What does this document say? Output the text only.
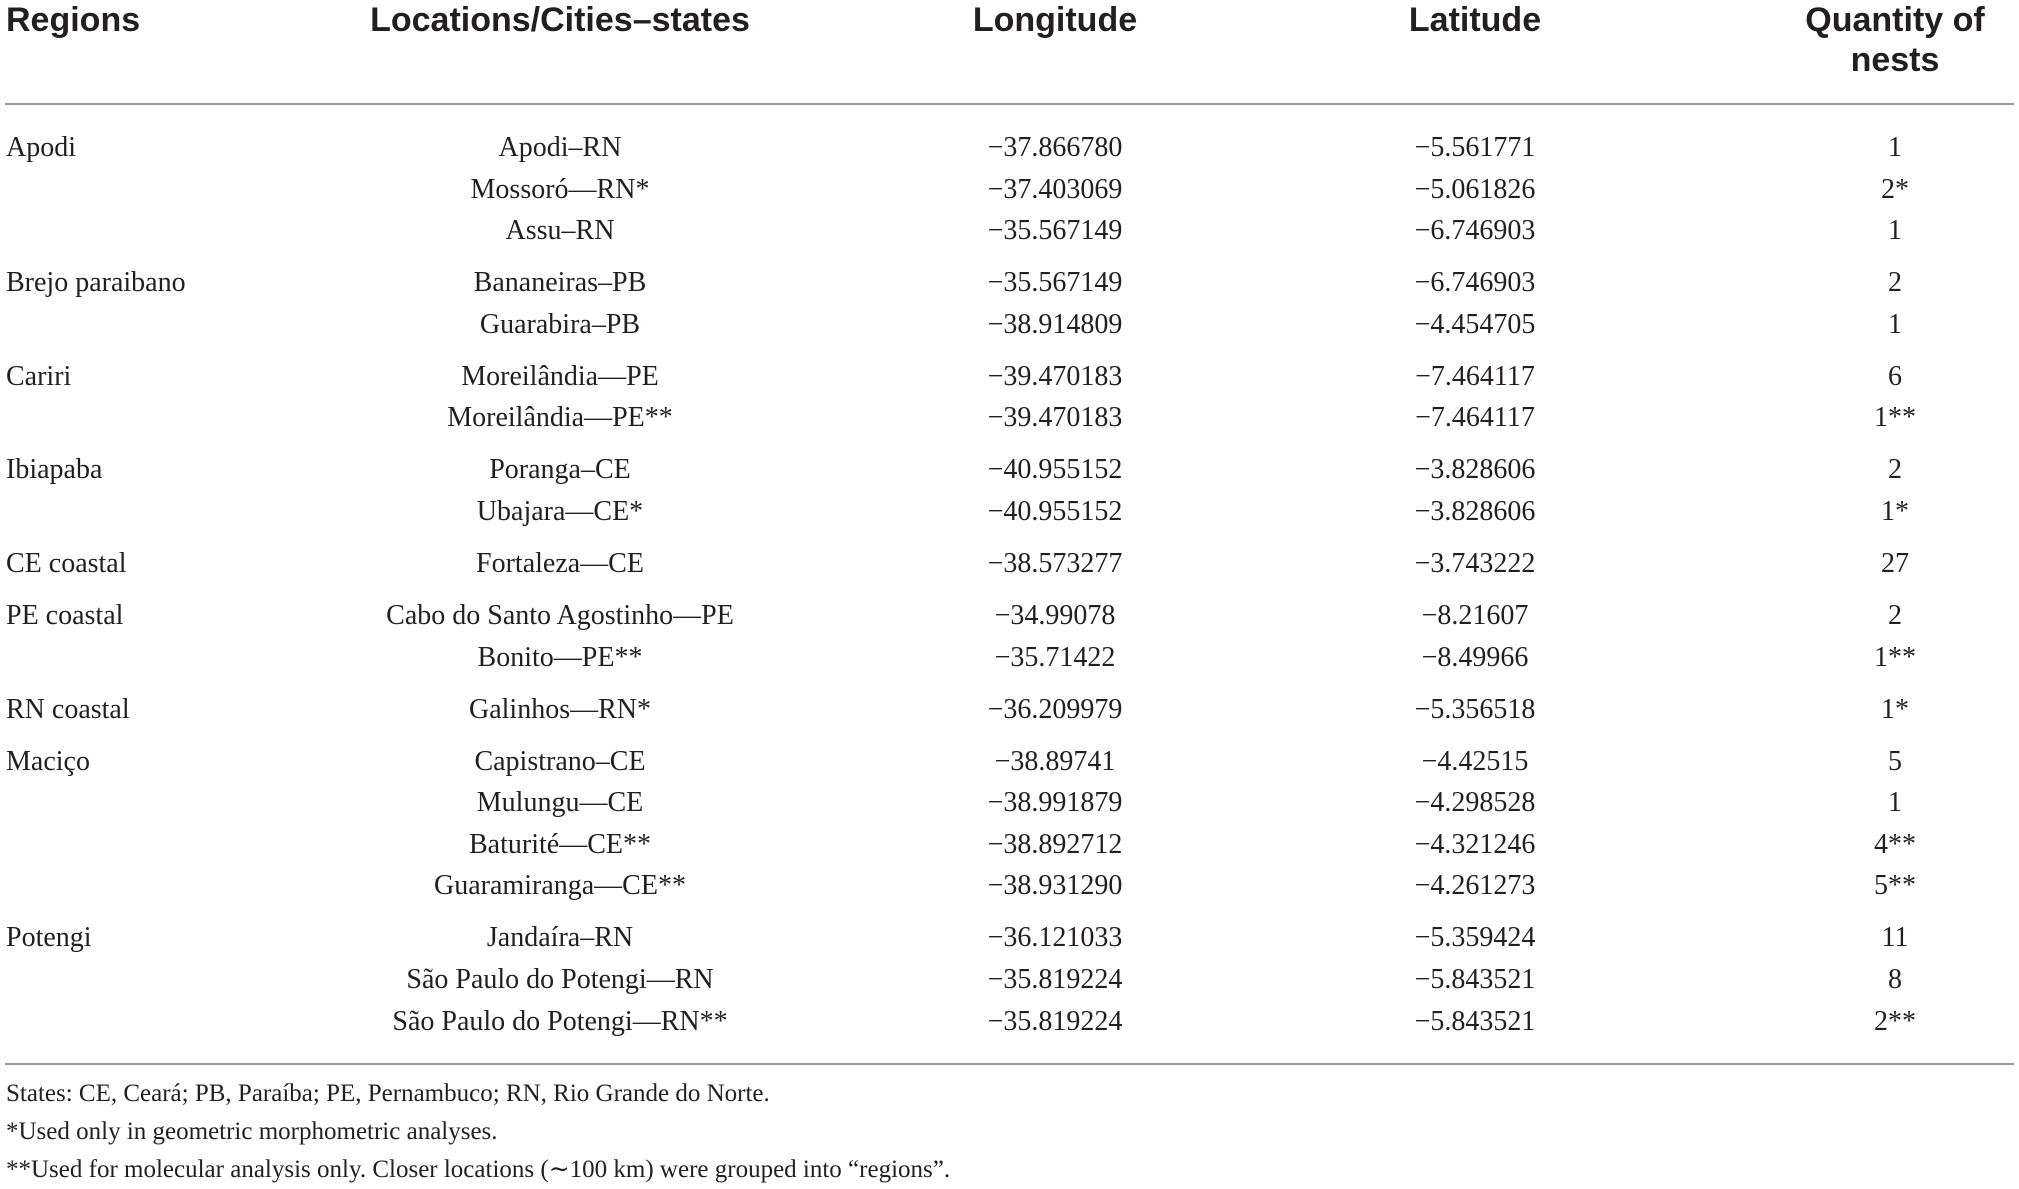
Regions	Locations/Cities–states	Longitude	Latitude	Quantity of
nests
Apodi	Apodi–RN	−37.866780	−5.561771	1
Mossoró—RN*	−37.403069	−5.061826	2*
Assu–RN	−35.567149	−6.746903	1
Brejo paraibano	Bananeiras–PB	−35.567149	−6.746903	2
Guarabira–PB	−38.914809	−4.454705	1
Cariri	Moreilândia—PE	−39.470183	−7.464117	6
Moreilândia—PE**	−39.470183	−7.464117	1**
Ibiapaba	Poranga–CE	−40.955152	−3.828606	2
Ubajara—CE*	−40.955152	−3.828606	1*
CE coastal	Fortaleza—CE	−38.573277	−3.743222	27
PE coastal	Cabo do Santo Agostinho—PE	−34.99078	−8.21607	2
Bonito—PE**	−35.71422	−8.49966	1**
RN coastal	Galinhos—RN*	−36.209979	−5.356518	1*
Maciço	Capistrano–CE	−38.89741	−4.42515	5
Mulungu—CE	−38.991879	−4.298528	1
Baturité—CE**	−38.892712	−4.321246	4**
Guaramiranga—CE**	−38.931290	−4.261273	5**
Potengi	Jandaíra–RN	−36.121033	−5.359424	11
São Paulo do Potengi—RN	−35.819224	−5.843521	8
São Paulo do Potengi—RN**	−35.819224	−5.843521	2**
States: CE, Ceará; PB, Paraíba; PE, Pernambuco; RN, Rio Grande do Norte.
*Used only in geometric morphometric analyses.
**Used for molecular analysis only. Closer locations (∼100 km) were grouped into “regions”.
